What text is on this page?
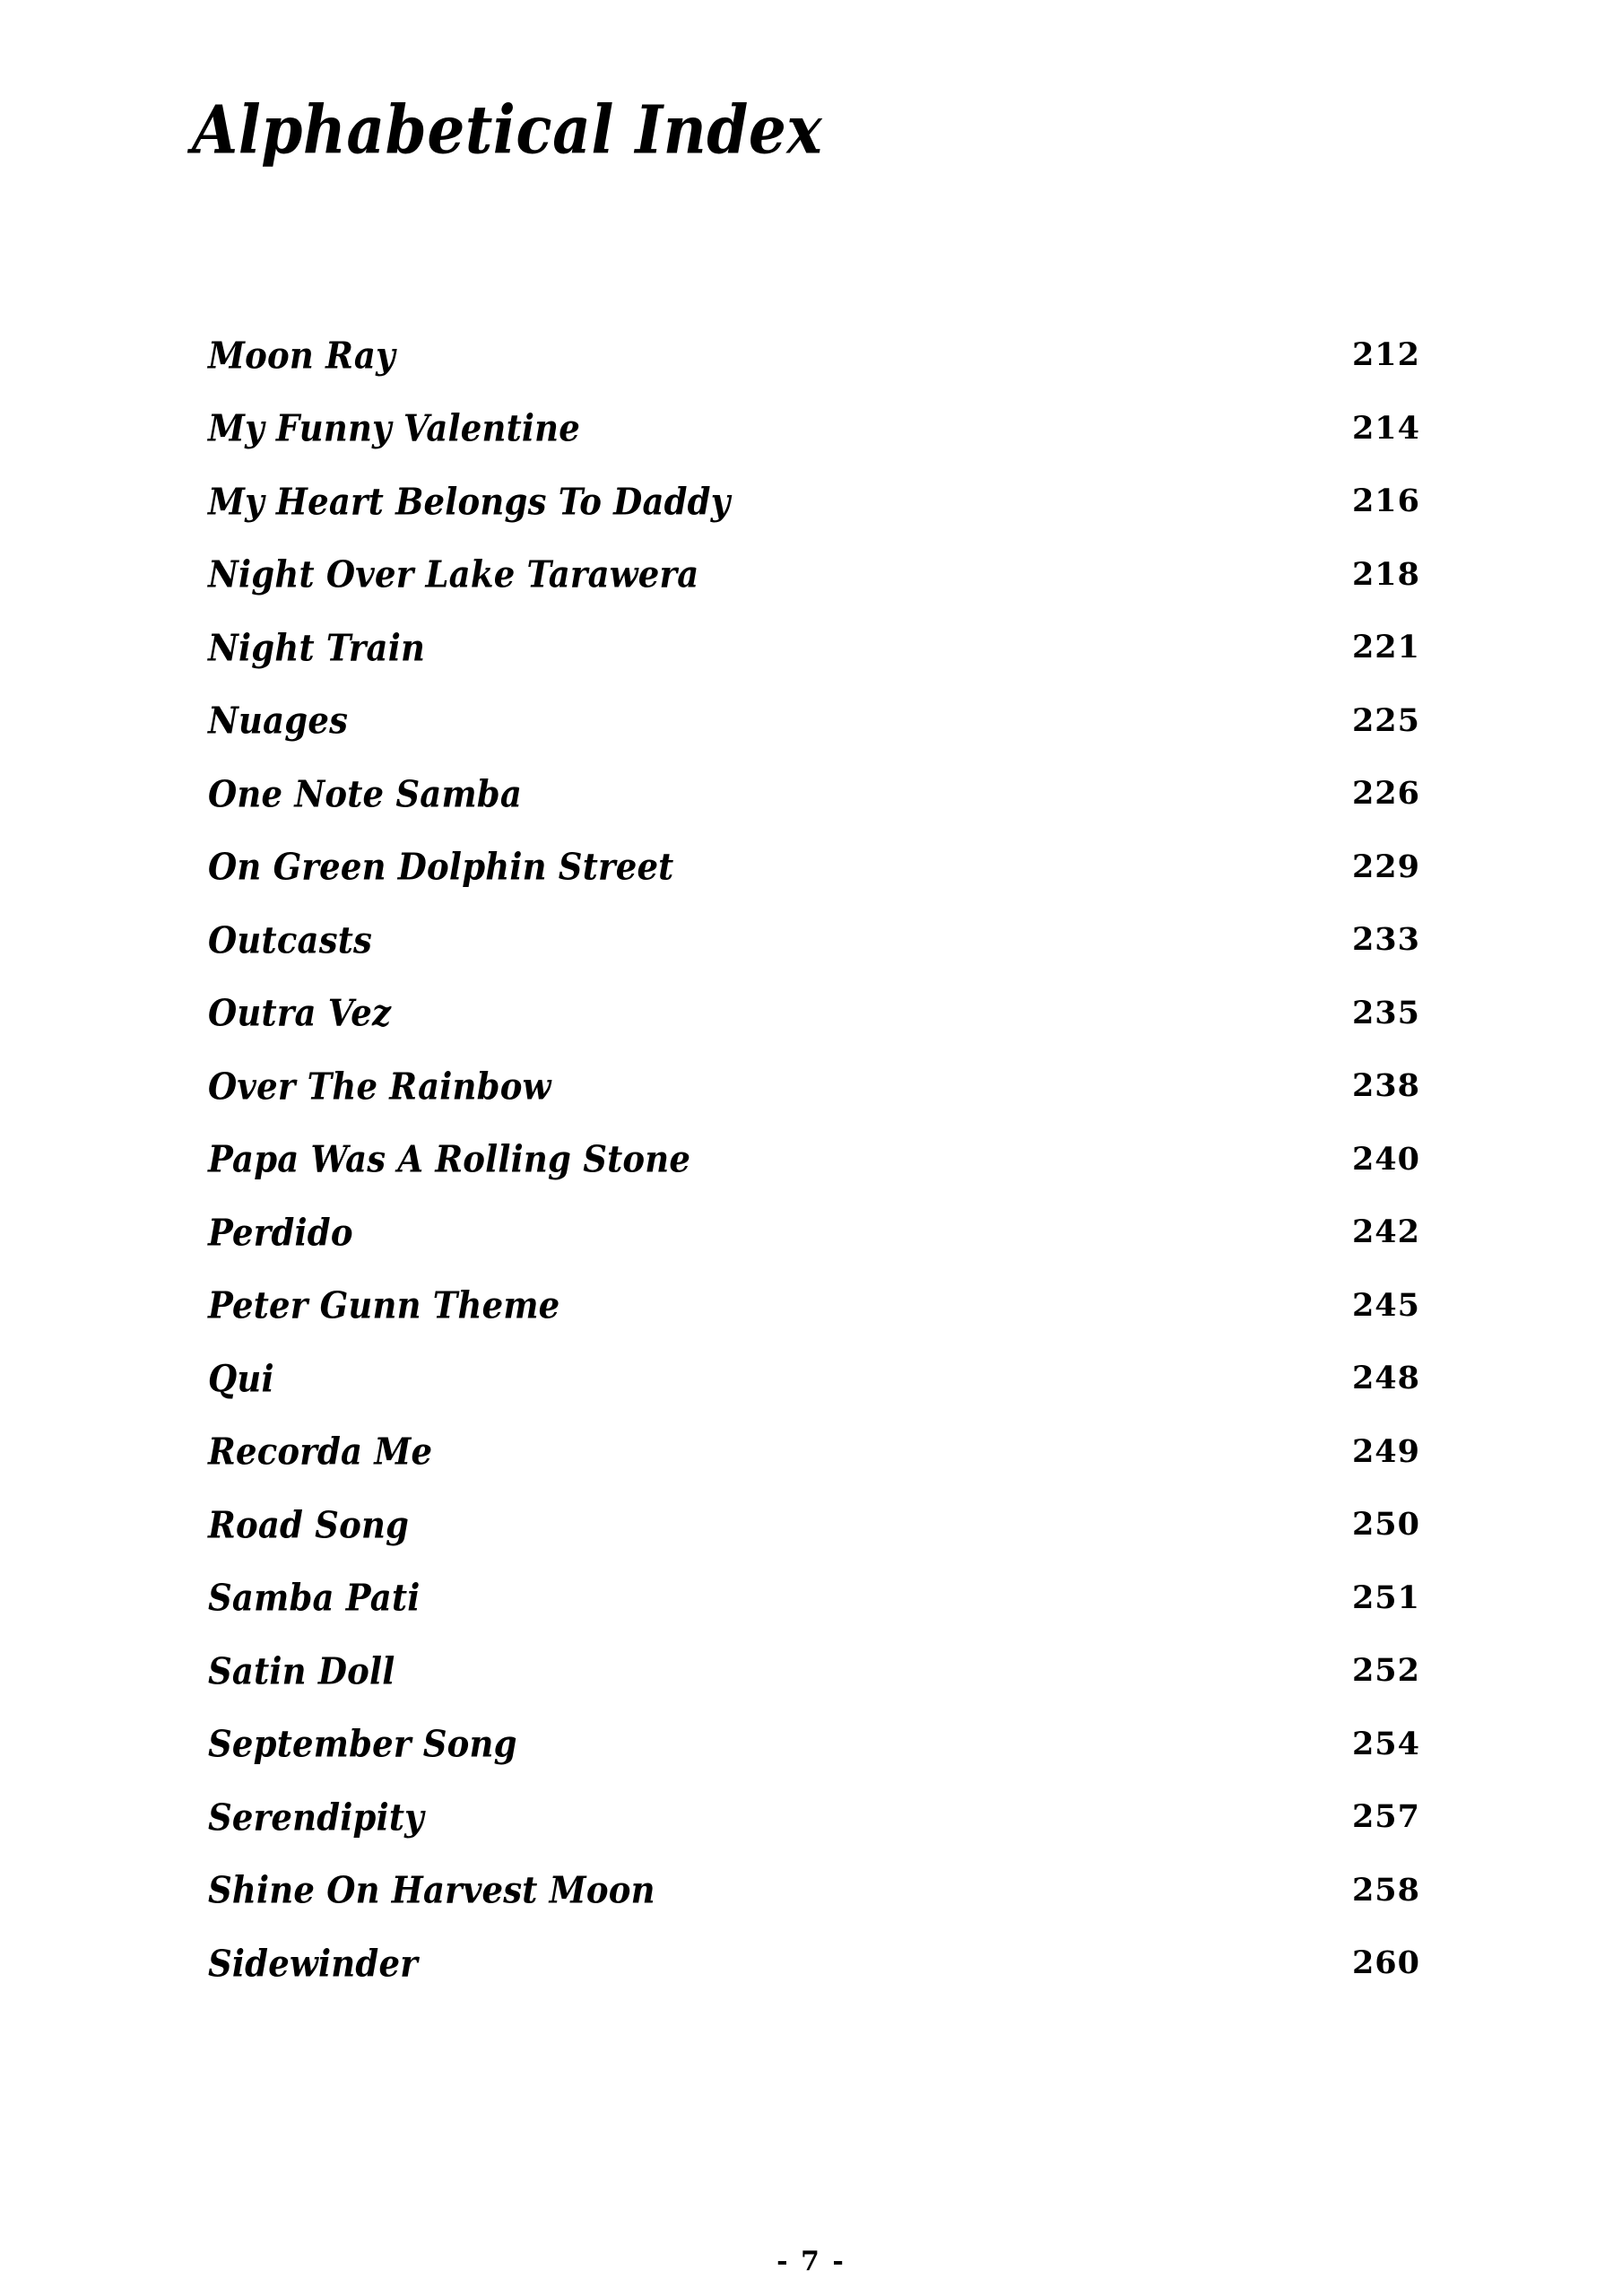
Alphabetical Index
Moon Ray	212
My Funny Valentine	214
My Heart Belongs To Daddy	216
Night Over Lake Tarawera	218
Night Train	221
Nuages	225
One Note Samba	226
On Green Dolphin Street	229
Outcasts	233
Outra Vez	235
Over The Rainbow	238
Papa Was A Rolling Stone	240
Perdido	242
Peter Gunn Theme	245
Qui	248
Recorda Me	249
Road Song	250
Samba Pati	251
Satin Doll	252
September Song	254
Serendipity	257
Shine On Harvest Moon	258
Sidewinder	260
- 7 -
